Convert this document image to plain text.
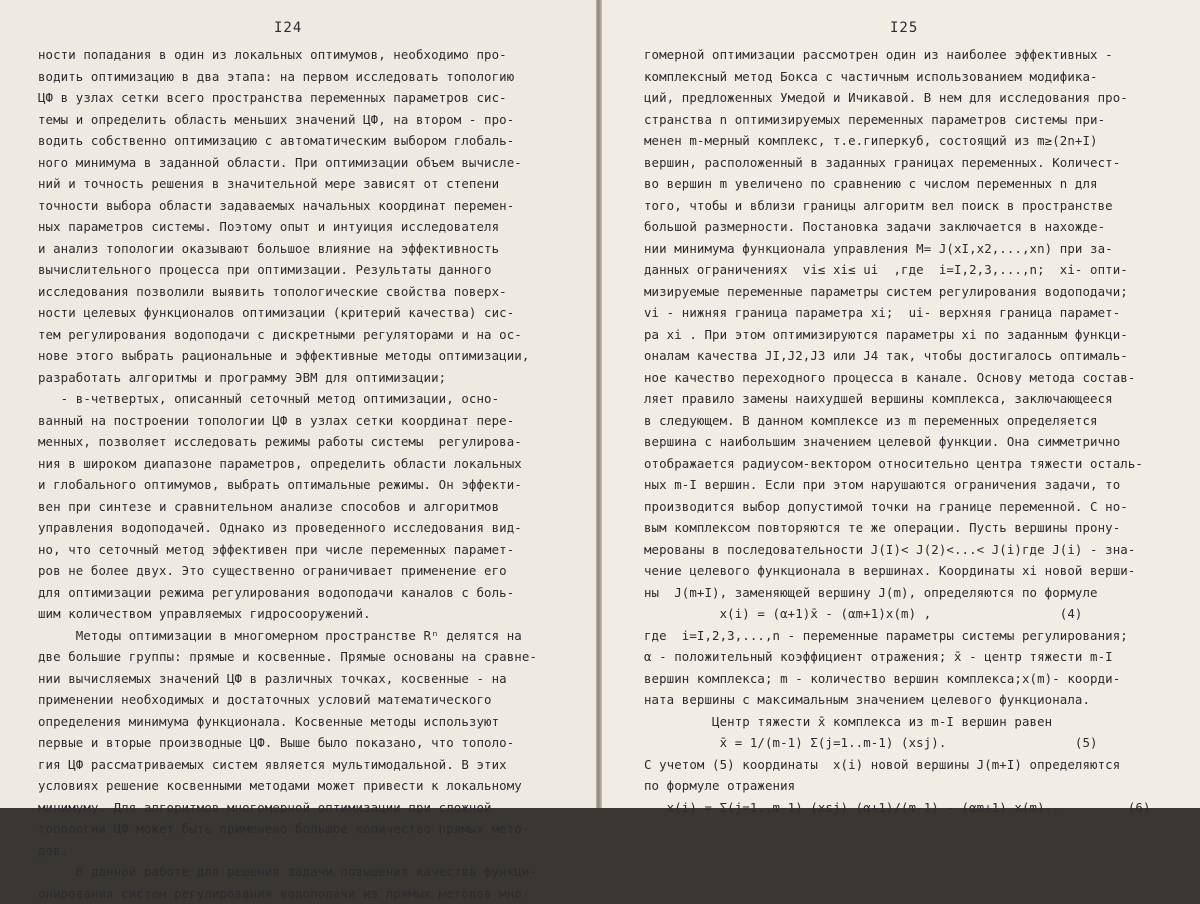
I24
ности попадания в один из локальных оптимумов, необходимо про-
водить оптимизацию в два этапа: на первом исследовать топологию
ЦФ в узлах сетки всего пространства переменных параметров сис-
темы и определить область меньших значений ЦФ, на втором - про-
водить собственно оптимизацию с автоматическим выбором глобаль-
ного минимума в заданной области. При оптимизации объем вычисле-
ний и точность решения в значительной мере зависят от степени
точности выбора области задаваемых начальных координат перемен-
ных параметров системы. Поэтому опыт и интуиция исследователя
и анализ топологии оказывают большое влияние на эффективность
вычислительного процесса при оптимизации. Результаты данного
исследования позволили выявить топологические свойства поверх-
ности целевых функционалов оптимизации (критерий качества) сис-
тем регулирования водоподачи с дискретными регуляторами и на ос-
нове этого выбрать рациональные и эффективные методы оптимизации,
разработать алгоритмы и программу ЭВМ для оптимизации;
- в-четвертых, описанный сеточный метод оптимизации, осно-
ванный на построении топологии ЦФ в узлах сетки координат пере-
менных, позволяет исследовать режимы работы системы  регулирова-
ния в широком диапазоне параметров, определить области локальных
и глобального оптимумов, выбрать оптимальные режимы. Он эффекти-
вен при синтезе и сравнительном анализе способов и алгоритмов
управления водоподачей. Однако из проведенного исследования вид-
но, что сеточный метод эффективен при числе переменных парамет-
ров не более двух. Это существенно ограничивает применение его
для оптимизации режима регулирования водоподачи каналов с боль-
шим количеством управляемых гидросооружений.
Методы оптимизации в многомерном пространстве Rⁿ делятся на
две большие группы: прямые и косвенные. Прямые основаны на сравне-
нии вычисляемых значений ЦФ в различных точках, косвенные - на
применении необходимых и достаточных условий математического
определения минимума функционала. Косвенные методы используют
первые и вторые производные ЦФ. Выше было показано, что тополо-
гия ЦФ рассматриваемых систем является мультимодальной. В этих
условиях решение косвенными методами может привести к локальному
минимуму. Для алгоритмов многомерной оптимизации при сложной
топологии ЦФ может быть применено большое количество прямых мето-
дов.
В данной работе для решения задачи повышения качества функци-
онирования систем регулирования водоподачи из прямых методов мно-
I25
гомерной оптимизации рассмотрен один из наиболее эффективных -
комплексный метод Бокса с частичным использованием модифика-
ций, предложенных Умедой и Ичикавой. В нем для исследования про-
странства n оптимизируемых переменных параметров системы при-
менен m-мерный комплекс, т.е.гиперкуб, состоящий из m≥(2n+I)
вершин, расположенный в заданных границах переменных. Количест-
во вершин m увеличено по сравнению с числом переменных n для
того, чтобы и вблизи границы алгоритм вел поиск в пространстве
большой размерности. Постановка задачи заключается в нахожде-
нии минимума функционала управления M= J(xI,x2,...,xn) при за-
данных ограничениях  vi≤ xi≤ ui  ,где  i=I,2,3,...,n;  xi- опти-
мизируемые переменные параметры систем регулирования водоподачи;
vi - нижняя граница параметра xi;  ui- верхняя граница парамет-
ра xi . При этом оптимизируются параметры xi по заданным функци-
оналам качества JI,J2,J3 или J4 так, чтобы достигалось оптималь-
ное качество переходного процесса в канале. Основу метода состав-
ляет правило замены наихудшей вершины комплекса, заключающееся
в следующем. В данном комплексе из m переменных определяется
вершина с наибольшим значением целевой функции. Она симметрично
отображается радиусом-вектором относительно центра тяжести осталь-
ных m-I вершин. Если при этом нарушаются ограничения задачи, то
производится выбор допустимой точки на границе переменной. С но-
вым комплексом повторяются те же операции. Пусть вершины прону-
мерованы в последовательности J(I)< J(2)<...< J(i)где J(i) - зна-
чение целевого функционала в вершинах. Координаты xi новой верши-
ны  J(m+I), заменяющей вершину J(m), определяются по формуле
x(i) = (α+1)x̄ - (αm+1)x(m) ,                 (4)
где  i=I,2,3,...,n - переменные параметры системы регулирования;
α - положительный коэффициент отражения; x̄ - центр тяжести m-I
вершин комплекса; m - количество вершин комплекса;x(m)- коорди-
ната вершины с максимальным значением целевого функционала.
Центр тяжести x̄ комплекса из m-I вершин равен
x̄ = 1/(m-1) Σ(j=1..m-1) (xsj).                 (5)
С учетом (5) координаты  x(i) новой вершины J(m+I) определяются
по формуле отражения
x(i) = Σ(j=1..m-1) (xsj) (α+1)/(m-1) - (αm+1) x(m) .         (6)
